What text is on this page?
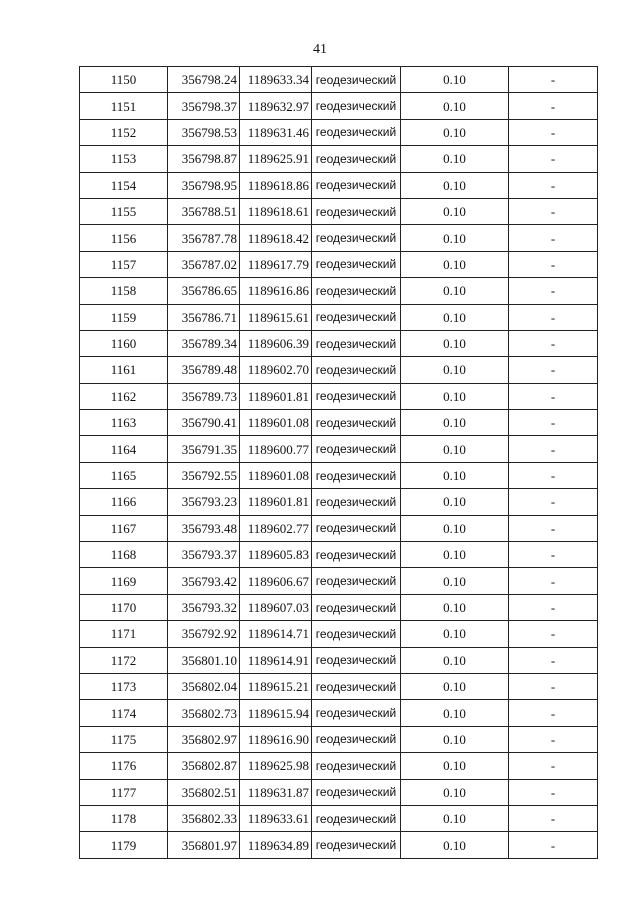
41
1150	356798.24	1189633.34	геодезический	0.10	-
1151	356798.37	1189632.97	геодезический	0.10	-
1152	356798.53	1189631.46	геодезический	0.10	-
1153	356798.87	1189625.91	геодезический	0.10	-
1154	356798.95	1189618.86	геодезический	0.10	-
1155	356788.51	1189618.61	геодезический	0.10	-
1156	356787.78	1189618.42	геодезический	0.10	-
1157	356787.02	1189617.79	геодезический	0.10	-
1158	356786.65	1189616.86	геодезический	0.10	-
1159	356786.71	1189615.61	геодезический	0.10	-
1160	356789.34	1189606.39	геодезический	0.10	-
1161	356789.48	1189602.70	геодезический	0.10	-
1162	356789.73	1189601.81	геодезический	0.10	-
1163	356790.41	1189601.08	геодезический	0.10	-
1164	356791.35	1189600.77	геодезический	0.10	-
1165	356792.55	1189601.08	геодезический	0.10	-
1166	356793.23	1189601.81	геодезический	0.10	-
1167	356793.48	1189602.77	геодезический	0.10	-
1168	356793.37	1189605.83	геодезический	0.10	-
1169	356793.42	1189606.67	геодезический	0.10	-
1170	356793.32	1189607.03	геодезический	0.10	-
1171	356792.92	1189614.71	геодезический	0.10	-
1172	356801.10	1189614.91	геодезический	0.10	-
1173	356802.04	1189615.21	геодезический	0.10	-
1174	356802.73	1189615.94	геодезический	0.10	-
1175	356802.97	1189616.90	геодезический	0.10	-
1176	356802.87	1189625.98	геодезический	0.10	-
1177	356802.51	1189631.87	геодезический	0.10	-
1178	356802.33	1189633.61	геодезический	0.10	-
1179	356801.97	1189634.89	геодезический	0.10	-
